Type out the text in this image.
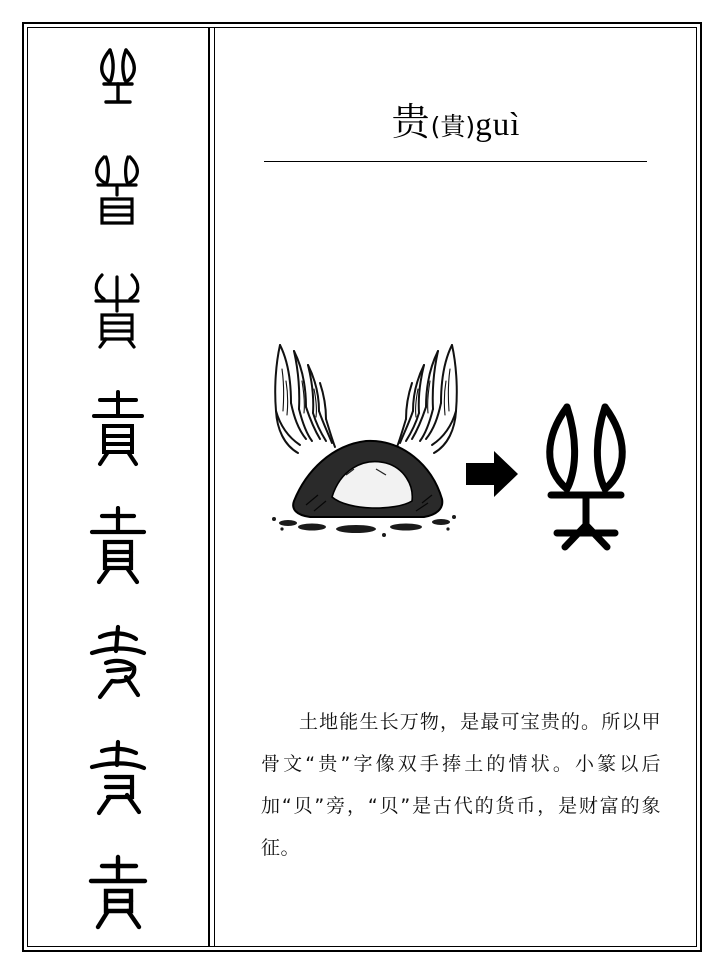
贵(貴)guì

土地能生长万物，是最可宝贵的。所以甲骨文“贵”字像双手捧土的情状。小篆以后加“贝”旁，“贝”是古代的货币，是财富的象征。
